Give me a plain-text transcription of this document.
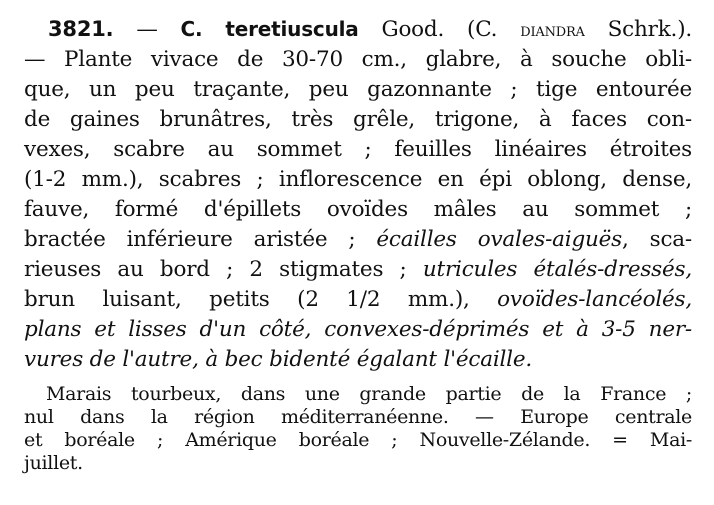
3821. — C. teretiuscula Good. (C. diandra Schrk.).
— Plante vivace de 30-70 cm., glabre, à souche obli-
que, un peu traçante, peu gazonnante ; tige entourée
de gaines brunâtres, très grêle, trigone, à faces con-
vexes, scabre au sommet ; feuilles linéaires étroites
(1-2 mm.), scabres ; inflorescence en épi oblong, dense,
fauve, formé d'épillets ovoïdes mâles au sommet ;
bractée inférieure aristée ; écailles ovales-aiguës, sca-
rieuses au bord ; 2 stigmates ; utricules étalés-dressés,
brun luisant, petits (2 1/2 mm.), ovoïdes-lancéolés,
plans et lisses d'un côté, convexes-déprimés et à 3-5 ner-
vures de l'autre, à bec bidenté égalant l'écaille.
Marais tourbeux, dans une grande partie de la France ;
nul dans la région méditerranéenne. — Europe centrale
et boréale ; Amérique boréale ; Nouvelle-Zélande. = Mai-
juillet.
